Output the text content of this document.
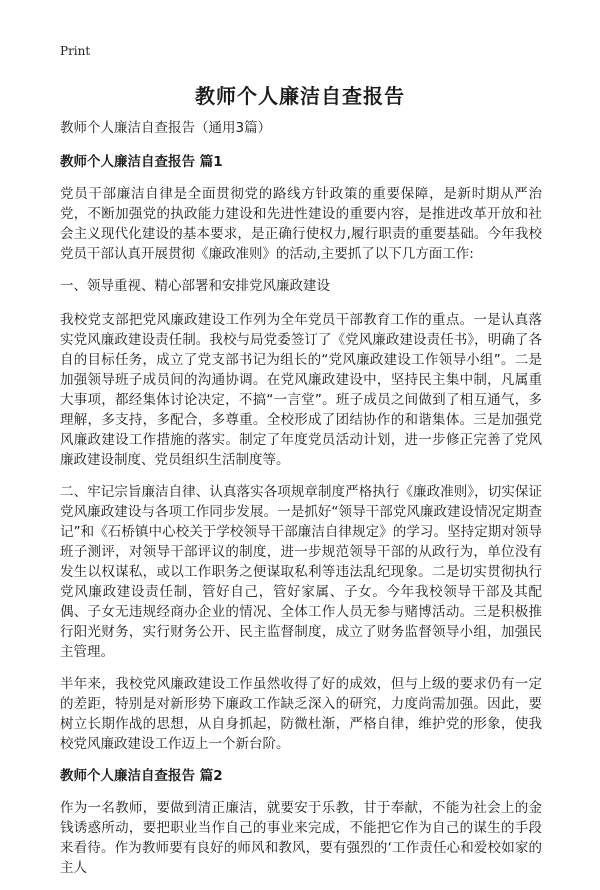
Print
教师个人廉洁自查报告

教师个人廉洁自查报告（通用3篇）

教师个人廉洁自查报告 篇1

党员干部廉洁自律是全面贯彻党的路线方针政策的重要保障，是新时期从严治党，不断加强党的执政能力建设和先进性建设的重要内容，是推进改革开放和社会主义现代化建设的基本要求，是正确行使权力,履行职责的重要基础。今年我校党员干部认真开展贯彻《廉政准则》的活动,主要抓了以下几方面工作:

一、领导重视、精心部署和安排党风廉政建设

我校党支部把党风廉政建设工作列为全年党员干部教育工作的重点。一是认真落实党风廉政建设责任制。我校与局党委签订了《党风廉政建设责任书》，明确了各自的目标任务，成立了党支部书记为组长的“党风廉政建设工作领导小组”。二是加强领导班子成员间的沟通协调。在党风廉政建设中，坚持民主集中制，凡属重大事项，都经集体讨论决定，不搞“一言堂”。班子成员之间做到了相互通气，多理解，多支持，多配合，多尊重。全校形成了团结协作的和谐集体。三是加强党风廉政建设工作措施的落实。制定了年度党员活动计划，进一步修正完善了党风廉政建设制度、党员组织生活制度等。

二、牢记宗旨廉洁自律、认真落实各项规章制度严格执行《廉政准则》，切实保证党风廉政建设与各项工作同步发展。一是抓好“领导干部党风廉政建设情况定期查记”和《石桥镇中心校关于学校领导干部廉洁自律规定》的学习。坚持定期对领导班子测评，对领导干部评议的制度，进一步规范领导干部的从政行为，单位没有发生以权谋私，或以工作职务之便谋取私利等违法乱纪现象。二是切实贯彻执行党风廉政建设责任制，管好自己，管好家属、子女。今年我校领导干部及其配偶、子女无违规经商办企业的情况、全体工作人员无参与赌博活动。三是积极推行阳光财务，实行财务公开、民主监督制度，成立了财务监督领导小组，加强民主管理。

半年来，我校党风廉政建设工作虽然收得了好的成效，但与上级的要求仍有一定的差距，特别是对新形势下廉政工作缺乏深入的研究，力度尚需加强。因此，要树立长期作战的思想，从自身抓起，防微杜渐，严格自律，维护党的形象，使我校党风廉政建设工作迈上一个新台阶。

教师个人廉洁自查报告 篇2

作为一名教师，要做到清正廉洁，就要安于乐教，甘于奉献，不能为社会上的金钱诱惑所动，要把职业当作自己的事业来完成，不能把它作为自己的谋生的手段来看待。作为教师要有良好的师风和教风，要有强烈的‘工作责任心和爱校如家的主人
